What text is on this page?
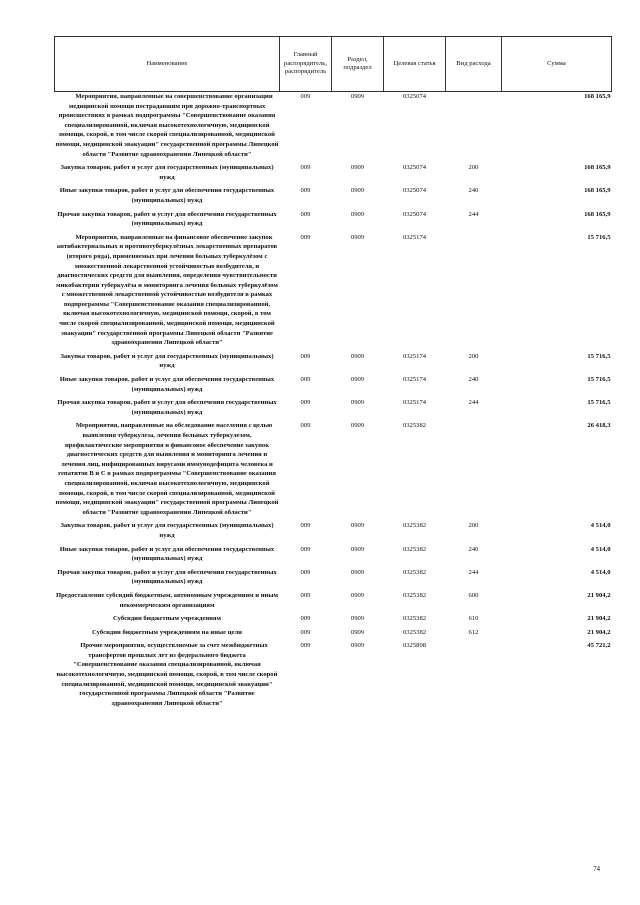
Наименование	Главный распорядитель, распорядитель	Раздел, подраздел	Целевая статья	Вид расхода	Сумма
Мероприятия, направленные на совершенствование организации медицинской помощи пострадавшим при дорожно-транспортных происшествиях в рамках подпрограммы "Совершенствование оказания специализированной, включая высокотехнологичную, медицинской помощи, скорой, в том числе скорой специализированной, медицинской помощи, медицинской эвакуации" государственной программы Липецкой области "Развитие здравоохранения Липецкой области"	009	0909	0325074		168 165,9

Закупка товаров, работ и услуг для государственных (муниципальных) нужд	009	0909	0325074	200	168 165,9

Иные закупки товаров, работ и услуг для обеспечения государственных (муниципальных) нужд	009	0909	0325074	240	168 165,9

Прочая закупка товаров, работ и услуг для обеспечения государственных (муниципальных) нужд	009	0909	0325074	244	168 165,9

Мероприятия, направленные на финансовое обеспечение закупок антибактериальных и противотуберкулёзных лекарственных препаратов (второго ряда), применяемых при лечении больных туберкулёзом с множественной лекарственной устойчивостью возбудителя, и диагностических средств для выявления, определения чувствительности микобактерии туберкулёза и мониторинга лечения больных туберкулёзом с множественной лекарственной устойчивостью возбудителя в рамках подпрограммы "Совершенствование оказания специализированной, включая высокотехнологичную, медицинской помощи, скорой, в том числе скорой специализированной, медицинской помощи, медицинской эвакуации" государственной программы Липецкой области "Развитие здравоохранения Липецкой области"	009	0909	0325174		15 716,5

Закупка товаров, работ и услуг для государственных (муниципальных) нужд	009	0909	0325174	200	15 716,5

Иные закупки товаров, работ и услуг для обеспечения государственных (муниципальных) нужд	009	0909	0325174	240	15 716,5

Прочая закупка товаров, работ и услуг для обеспечения государственных (муниципальных) нужд	009	0909	0325174	244	15 716,5

Мероприятия, направленные на обследование населения с целью выявления туберкулеза, лечения больных туберкулезом, профилактические мероприятия и финансовое обеспечение закупок диагностических средств для выявления и мониторинга лечения и лечения лиц, инфицированных вирусами иммунодефицита человека и гепатитов В и С в рамках подпрограммы "Совершенствование оказания специализированной, включая высокотехнологичную, медицинской помощи, скорой, в том числе скорой специализированной, медицинской помощи, медицинской эвакуации" государственной программы Липецкой области "Развитие здравоохранения Липецкой области"	009	0909	0325382		26 418,3

Закупка товаров, работ и услуг для государственных (муниципальных) нужд	009	0909	0325382	200	4 514,0

Иные закупки товаров, работ и услуг для обеспечения государственных (муниципальных) нужд	009	0909	0325382	240	4 514,0

Прочая закупка товаров, работ и услуг для обеспечения государственных (муниципальных) нужд	009	0909	0325382	244	4 514,0

Предоставление субсидий бюджетным, автономным учреждениям и иным некоммерческим организациям	009	0909	0325382	600	21 904,2

Субсидии бюджетным учреждениям	009	0909	0325382	610	21 904,2

Субсидии бюджетным учреждениям на иные цели	009	0909	0325382	612	21 904,2

Прочие мероприятия, осуществляемые за счет межбюджетных трансфертов прошлых лет из федерального бюджета "Совершенствование оказания специализированной, включая высокотехнологичную, медицинской помощи, скорой, в том числе скорой специализированной, медицинской помощи, медицинской эвакуации" государственной программы Липецкой области "Развитие здравоохранения Липецкой области"	009	0909	0325898		45 721,2

74
